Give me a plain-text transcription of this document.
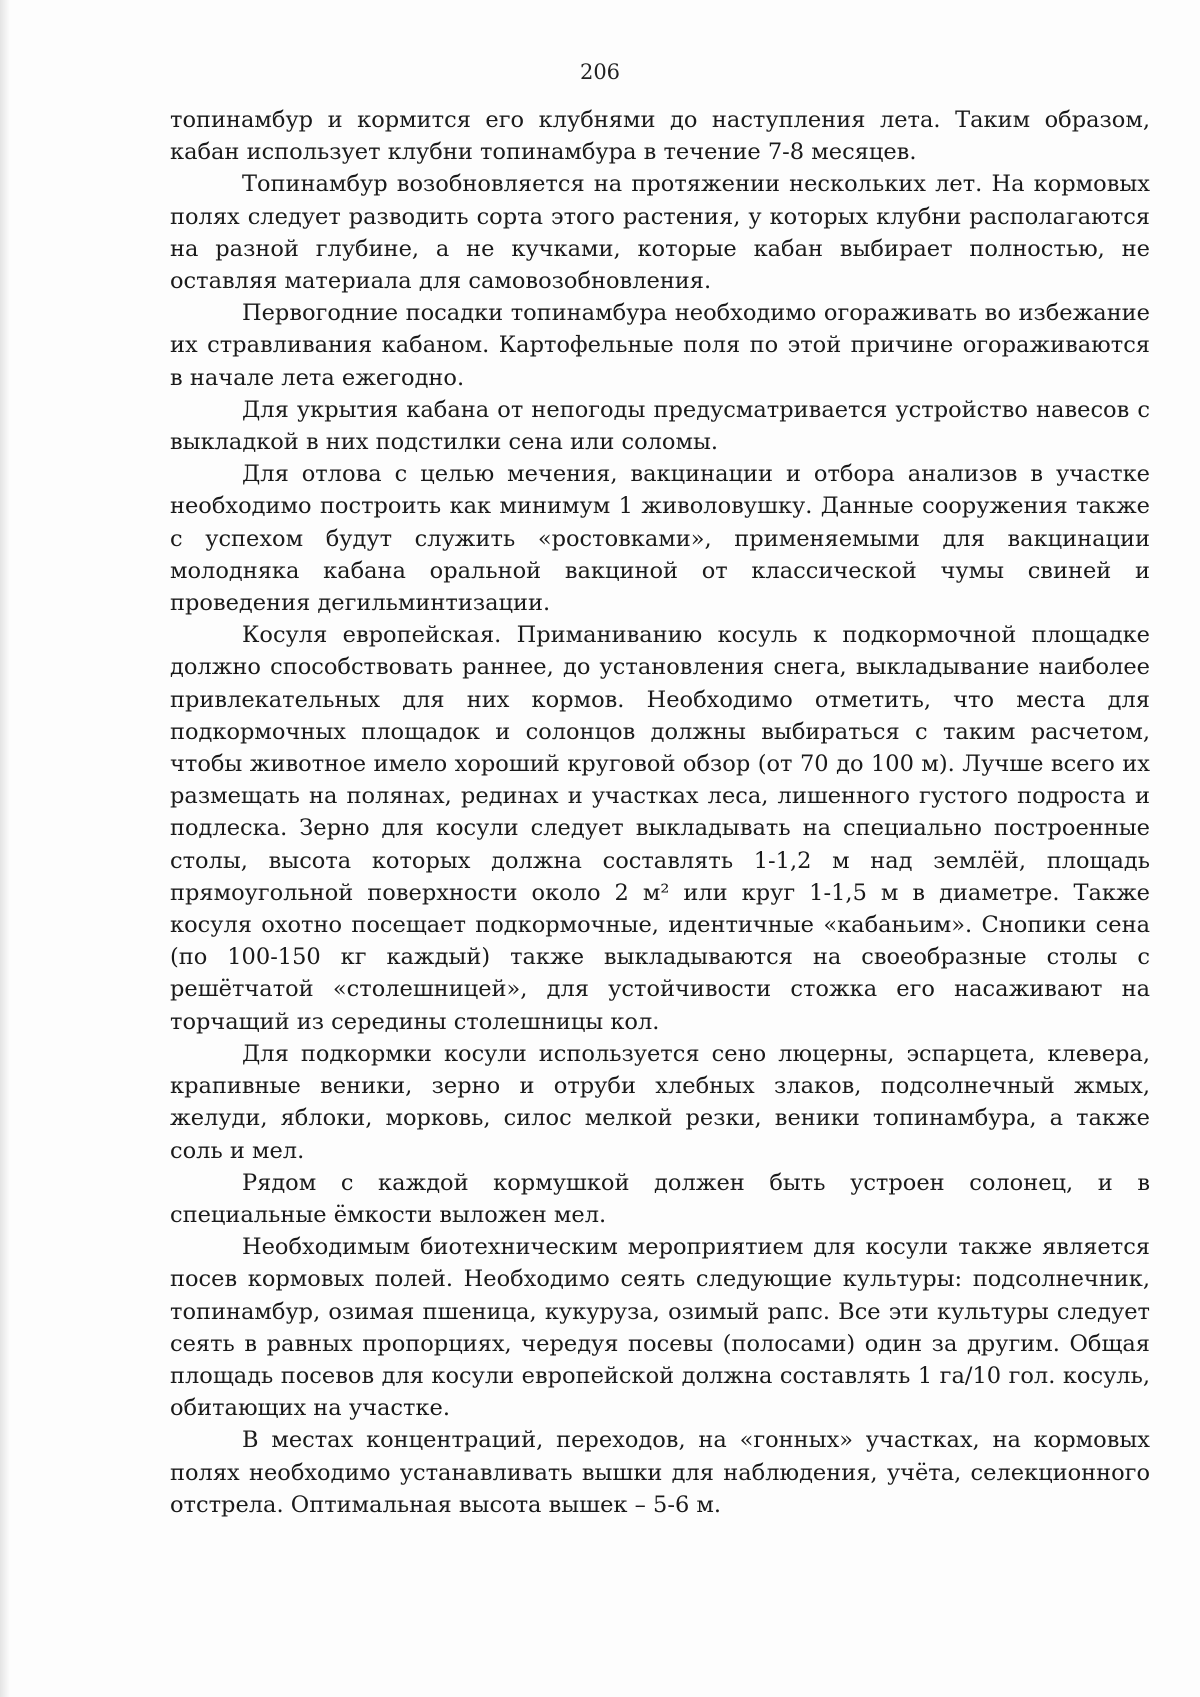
206

топинамбур и кормится его клубнями до наступления лета. Таким образом, кабан использует клубни топинамбура в течение 7-8 месяцев.

Топинамбур возобновляется на протяжении нескольких лет. На кормовых полях следует разводить сорта этого растения, у которых клубни располагаются на разной глубине, а не кучками, которые кабан выбирает полностью, не оставляя материала для самовозобновления.

Первогодние посадки топинамбура необходимо огораживать во избежание их стравливания кабаном. Картофельные поля по этой причине огораживаются в начале лета ежегодно.

Для укрытия кабана от непогоды предусматривается устройство навесов с выкладкой в них подстилки сена или соломы.

Для отлова с целью мечения, вакцинации и отбора анализов в участке необходимо построить как минимум 1 живоловушку. Данные сооружения также с успехом будут служить «ростовками», применяемыми для вакцинации молодняка кабана оральной вакциной от классической чумы свиней и проведения дегильминтизации.

Косуля европейская. Приманиванию косуль к подкормочной площадке должно способствовать раннее, до установления снега, выкладывание наиболее привлекательных для них кормов. Необходимо отметить, что места для подкормочных площадок и солонцов должны выбираться с таким расчетом, чтобы животное имело хороший круговой обзор (от 70 до 100 м). Лучше всего их размещать на полянах, рединах и участках леса, лишенного густого подроста и подлеска. Зерно для косули следует выкладывать на специально построенные столы, высота которых должна составлять 1-1,2 м над землёй, площадь прямоугольной поверхности около 2 м² или круг 1-1,5 м в диаметре. Также косуля охотно посещает подкормочные, идентичные «кабаньим». Снопики сена (по 100-150 кг каждый) также выкладываются на своеобразные столы с решётчатой «столешницей», для устойчивости стожка его насаживают на торчащий из середины столешницы кол.

Для подкормки косули используется сено люцерны, эспарцета, клевера, крапивные веники, зерно и отруби хлебных злаков, подсолнечный жмых, желуди, яблоки, морковь, силос мелкой резки, веники топинамбура, а также соль и мел.

Рядом с каждой кормушкой должен быть устроен солонец, и в специальные ёмкости выложен мел.

Необходимым биотехническим мероприятием для косули также является посев кормовых полей. Необходимо сеять следующие культуры: подсолнечник, топинамбур, озимая пшеница, кукуруза, озимый рапс. Все эти культуры следует сеять в равных пропорциях, чередуя посевы (полосами) один за другим. Общая площадь посевов для косули европейской должна составлять 1 га/10 гол. косуль, обитающих на участке.

В местах концентраций, переходов, на «гонных» участках, на кормовых полях необходимо устанавливать вышки для наблюдения, учёта, селекционного отстрела. Оптимальная высота вышек – 5-6 м.
